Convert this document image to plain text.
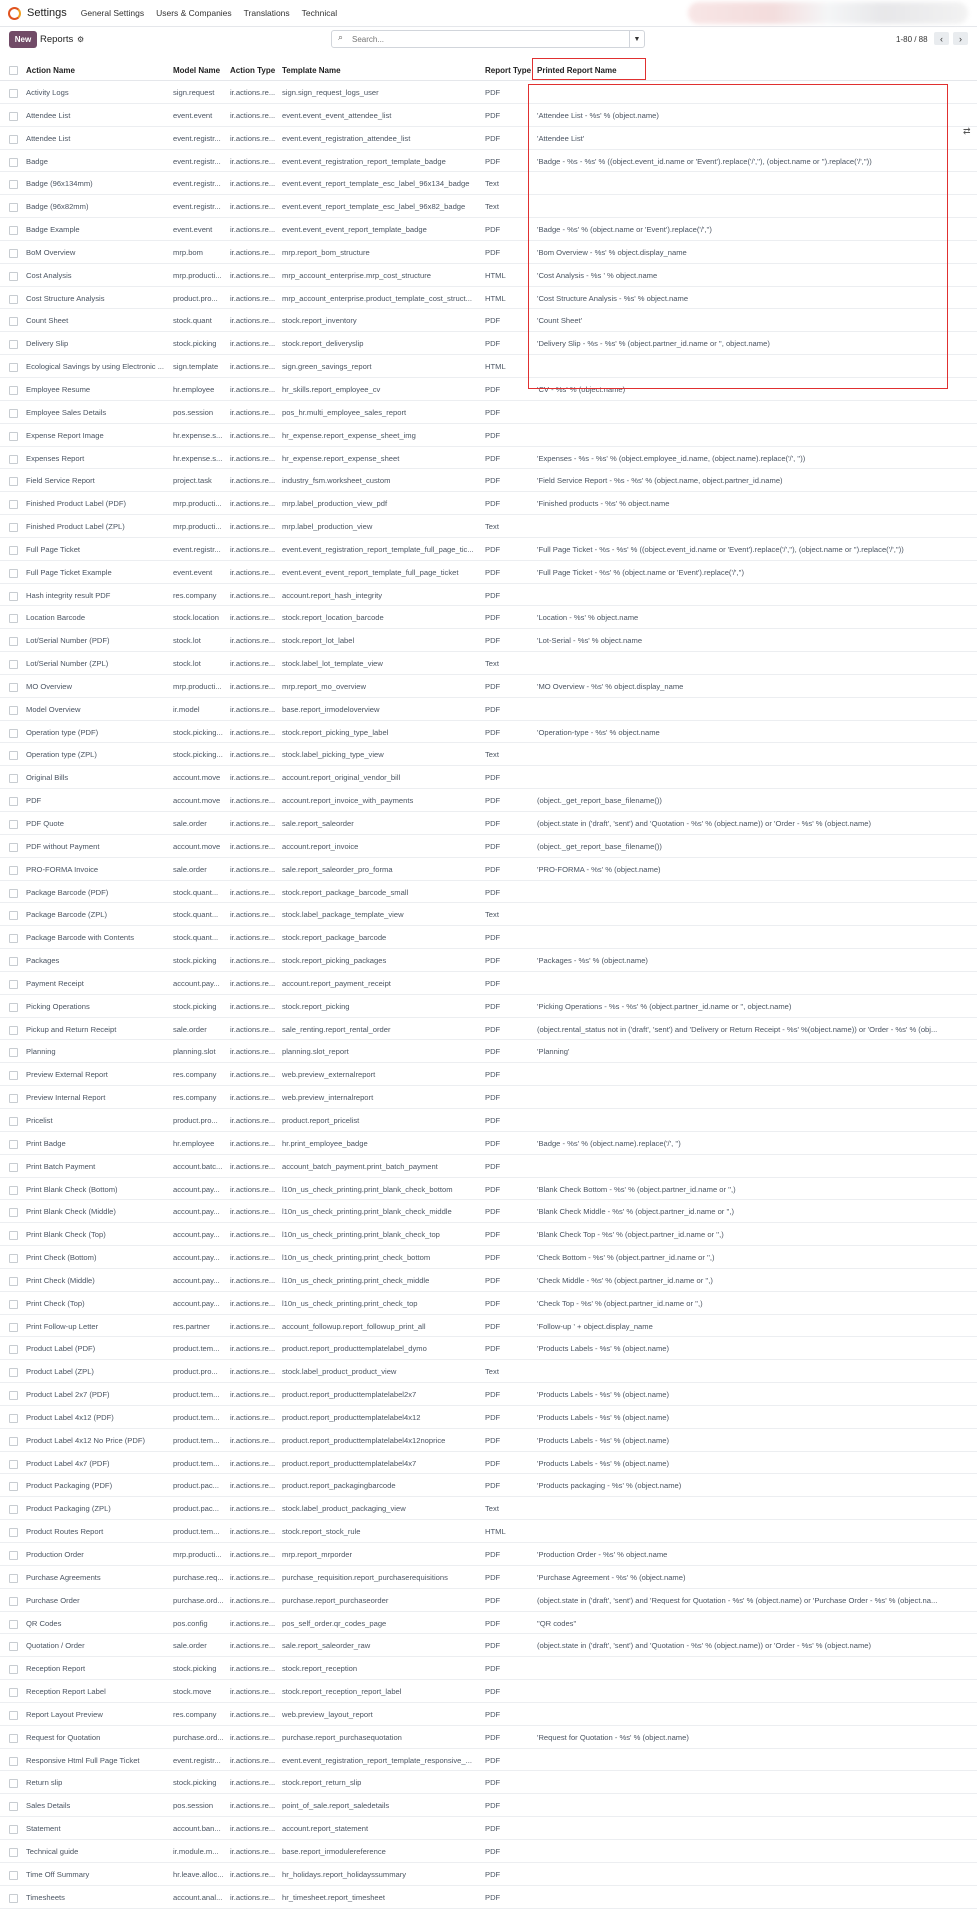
Settings General Settings Users & Companies Translations Technical
New Reports ⚙	⌕
Search...	▼	1-80 / 88	‹	›
Action Name	Model Name Action Type Template Name	Report Type Printed Report Name
⇄
Activity Logs	sign.request	ir.actions.re... sign.sign_request_logs_user	PDF
Attendee List	event.event	ir.actions.re... event.event_event_attendee_list	PDF	'Attendee List - %s' % (object.name)
Attendee List	event.registr...	ir.actions.re... event.event_registration_attendee_list	PDF	'Attendee List'
Badge	event.registr...	ir.actions.re... event.event_registration_report_template_badge	PDF	'Badge - %s - %s' % ((object.event_id.name or 'Event').replace('/',''), (object.name or '').replace('/',''))
Badge (96x134mm)	event.registr...	ir.actions.re... event.event_report_template_esc_label_96x134_badge	Text
Badge (96x82mm)	event.registr...	ir.actions.re... event.event_report_template_esc_label_96x82_badge	Text
Badge Example	event.event	ir.actions.re... event.event_event_report_template_badge	PDF	'Badge - %s' % (object.name or 'Event').replace('/','')
BoM Overview	mrp.bom	ir.actions.re... mrp.report_bom_structure	PDF	'Bom Overview - %s' % object.display_name
Cost Analysis	mrp.producti...	ir.actions.re... mrp_account_enterprise.mrp_cost_structure	HTML	'Cost Analysis - %s ' % object.name
Cost Structure Analysis	product.pro...	ir.actions.re... mrp_account_enterprise.product_template_cost_struct...	HTML	'Cost Structure Analysis - %s' % object.name
Count Sheet	stock.quant	ir.actions.re... stock.report_inventory	PDF	'Count Sheet'
Delivery Slip	stock.picking	ir.actions.re... stock.report_deliveryslip	PDF	'Delivery Slip - %s - %s' % (object.partner_id.name or '', object.name)
Ecological Savings by using Electronic ...	sign.template	ir.actions.re... sign.green_savings_report	HTML
Employee Resume	hr.employee	ir.actions.re... hr_skills.report_employee_cv	PDF	'CV - %s' % (object.name)
Employee Sales Details	pos.session	ir.actions.re... pos_hr.multi_employee_sales_report	PDF
Expense Report Image	hr.expense.s...	ir.actions.re... hr_expense.report_expense_sheet_img	PDF
Expenses Report	hr.expense.s...	ir.actions.re... hr_expense.report_expense_sheet	PDF	'Expenses - %s - %s' % (object.employee_id.name, (object.name).replace('/', ''))
Field Service Report	project.task	ir.actions.re... industry_fsm.worksheet_custom	PDF	'Field Service Report - %s - %s' % (object.name, object.partner_id.name)
Finished Product Label (PDF)	mrp.producti...	ir.actions.re... mrp.label_production_view_pdf	PDF	'Finished products - %s' % object.name
Finished Product Label (ZPL)	mrp.producti...	ir.actions.re... mrp.label_production_view	Text
Full Page Ticket	event.registr...	ir.actions.re... event.event_registration_report_template_full_page_tic...	PDF	'Full Page Ticket - %s - %s' % ((object.event_id.name or 'Event').replace('/',''), (object.name or '').replace('/',''))
Full Page Ticket Example	event.event	ir.actions.re... event.event_event_report_template_full_page_ticket	PDF	'Full Page Ticket - %s' % (object.name or 'Event').replace('/','')
Hash integrity result PDF	res.company	ir.actions.re... account.report_hash_integrity	PDF
Location Barcode	stock.location	ir.actions.re... stock.report_location_barcode	PDF	'Location - %s' % object.name
Lot/Serial Number (PDF)	stock.lot	ir.actions.re... stock.report_lot_label	PDF	'Lot-Serial - %s' % object.name
Lot/Serial Number (ZPL)	stock.lot	ir.actions.re... stock.label_lot_template_view	Text
MO Overview	mrp.producti...	ir.actions.re... mrp.report_mo_overview	PDF	'MO Overview - %s' % object.display_name
Model Overview	ir.model	ir.actions.re... base.report_irmodeloverview	PDF
Operation type (PDF)	stock.picking... ir.actions.re... stock.report_picking_type_label	PDF	'Operation-type - %s' % object.name
Operation type (ZPL)	stock.picking... ir.actions.re... stock.label_picking_type_view	Text
Original Bills	account.move	ir.actions.re... account.report_original_vendor_bill	PDF
PDF	account.move	ir.actions.re... account.report_invoice_with_payments	PDF	(object._get_report_base_filename())
PDF Quote	sale.order	ir.actions.re... sale.report_saleorder	PDF	(object.state in ('draft', 'sent') and 'Quotation - %s' % (object.name)) or 'Order - %s' % (object.name)
PDF without Payment	account.move	ir.actions.re... account.report_invoice	PDF	(object._get_report_base_filename())
PRO-FORMA Invoice	sale.order	ir.actions.re... sale.report_saleorder_pro_forma	PDF	'PRO-FORMA - %s' % (object.name)
Package Barcode (PDF)	stock.quant...	ir.actions.re... stock.report_package_barcode_small	PDF
Package Barcode (ZPL)	stock.quant...	ir.actions.re... stock.label_package_template_view	Text
Package Barcode with Contents	stock.quant...	ir.actions.re... stock.report_package_barcode	PDF
Packages	stock.picking	ir.actions.re... stock.report_picking_packages	PDF	'Packages - %s' % (object.name)
Payment Receipt	account.pay...	ir.actions.re... account.report_payment_receipt	PDF
Picking Operations	stock.picking	ir.actions.re... stock.report_picking	PDF	'Picking Operations - %s - %s' % (object.partner_id.name or '', object.name)
Pickup and Return Receipt	sale.order	ir.actions.re... sale_renting.report_rental_order	PDF	(object.rental_status not in ('draft', 'sent') and 'Delivery or Return Receipt - %s' %(object.name)) or 'Order - %s' % (obj...
Planning	planning.slot	ir.actions.re... planning.slot_report	PDF	'Planning'
Preview External Report	res.company	ir.actions.re... web.preview_externalreport	PDF
Preview Internal Report	res.company	ir.actions.re... web.preview_internalreport	PDF
Pricelist	product.pro...	ir.actions.re... product.report_pricelist	PDF
Print Badge	hr.employee	ir.actions.re... hr.print_employee_badge	PDF	'Badge - %s' % (object.name).replace('/', '')
Print Batch Payment	account.batc...	ir.actions.re... account_batch_payment.print_batch_payment	PDF
Print Blank Check (Bottom)	account.pay...	ir.actions.re... l10n_us_check_printing.print_blank_check_bottom	PDF	'Blank Check Bottom - %s' % (object.partner_id.name or '',)
Print Blank Check (Middle)	account.pay...	ir.actions.re... l10n_us_check_printing.print_blank_check_middle	PDF	'Blank Check Middle - %s' % (object.partner_id.name or '',)
Print Blank Check (Top)	account.pay...	ir.actions.re... l10n_us_check_printing.print_blank_check_top	PDF	'Blank Check Top - %s' % (object.partner_id.name or '',)
Print Check (Bottom)	account.pay...	ir.actions.re... l10n_us_check_printing.print_check_bottom	PDF	'Check Bottom - %s' % (object.partner_id.name or '',)
Print Check (Middle)	account.pay...	ir.actions.re... l10n_us_check_printing.print_check_middle	PDF	'Check Middle - %s' % (object.partner_id.name or '',)
Print Check (Top)	account.pay...	ir.actions.re... l10n_us_check_printing.print_check_top	PDF	'Check Top - %s' % (object.partner_id.name or '',)
Print Follow-up Letter	res.partner	ir.actions.re... account_followup.report_followup_print_all	PDF	'Follow-up ' + object.display_name
Product Label (PDF)	product.tem...	ir.actions.re... product.report_producttemplatelabel_dymo	PDF	'Products Labels - %s' % (object.name)
Product Label (ZPL)	product.pro...	ir.actions.re... stock.label_product_product_view	Text
Product Label 2x7 (PDF)	product.tem...	ir.actions.re... product.report_producttemplatelabel2x7	PDF	'Products Labels - %s' % (object.name)
Product Label 4x12 (PDF)	product.tem...	ir.actions.re... product.report_producttemplatelabel4x12	PDF	'Products Labels - %s' % (object.name)
Product Label 4x12 No Price (PDF)	product.tem...	ir.actions.re... product.report_producttemplatelabel4x12noprice	PDF	'Products Labels - %s' % (object.name)
Product Label 4x7 (PDF)	product.tem...	ir.actions.re... product.report_producttemplatelabel4x7	PDF	'Products Labels - %s' % (object.name)
Product Packaging (PDF)	product.pac...	ir.actions.re... product.report_packagingbarcode	PDF	'Products packaging - %s' % (object.name)
Product Packaging (ZPL)	product.pac...	ir.actions.re... stock.label_product_packaging_view	Text
Product Routes Report	product.tem...	ir.actions.re... stock.report_stock_rule	HTML
Production Order	mrp.producti...	ir.actions.re... mrp.report_mrporder	PDF	'Production Order - %s' % object.name
Purchase Agreements	purchase.req... ir.actions.re... purchase_requisition.report_purchaserequisitions	PDF	'Purchase Agreement - %s' % (object.name)
Purchase Order	purchase.ord... ir.actions.re... purchase.report_purchaseorder	PDF	(object.state in ('draft', 'sent') and 'Request for Quotation - %s' % (object.name) or 'Purchase Order - %s' % (object.na...
QR Codes	pos.config	ir.actions.re... pos_self_order.qr_codes_page	PDF	"QR codes"
Quotation / Order	sale.order	ir.actions.re... sale.report_saleorder_raw	PDF	(object.state in ('draft', 'sent') and 'Quotation - %s' % (object.name)) or 'Order - %s' % (object.name)
Reception Report	stock.picking	ir.actions.re... stock.report_reception	PDF
Reception Report Label	stock.move	ir.actions.re... stock.report_reception_report_label	PDF
Report Layout Preview	res.company	ir.actions.re... web.preview_layout_report	PDF
Request for Quotation	purchase.ord... ir.actions.re... purchase.report_purchasequotation	PDF	'Request for Quotation - %s' % (object.name)
Responsive Html Full Page Ticket	event.registr...	ir.actions.re... event.event_registration_report_template_responsive_...	PDF
Return slip	stock.picking	ir.actions.re... stock.report_return_slip	PDF
Sales Details	pos.session	ir.actions.re... point_of_sale.report_saledetails	PDF
Statement	account.ban...	ir.actions.re... account.report_statement	PDF
Technical guide	ir.module.m...	ir.actions.re... base.report_irmodulereference	PDF
Time Off Summary	hr.leave.alloc... ir.actions.re... hr_holidays.report_holidayssummary	PDF
Timesheets	account.anal... ir.actions.re... hr_timesheet.report_timesheet	PDF
